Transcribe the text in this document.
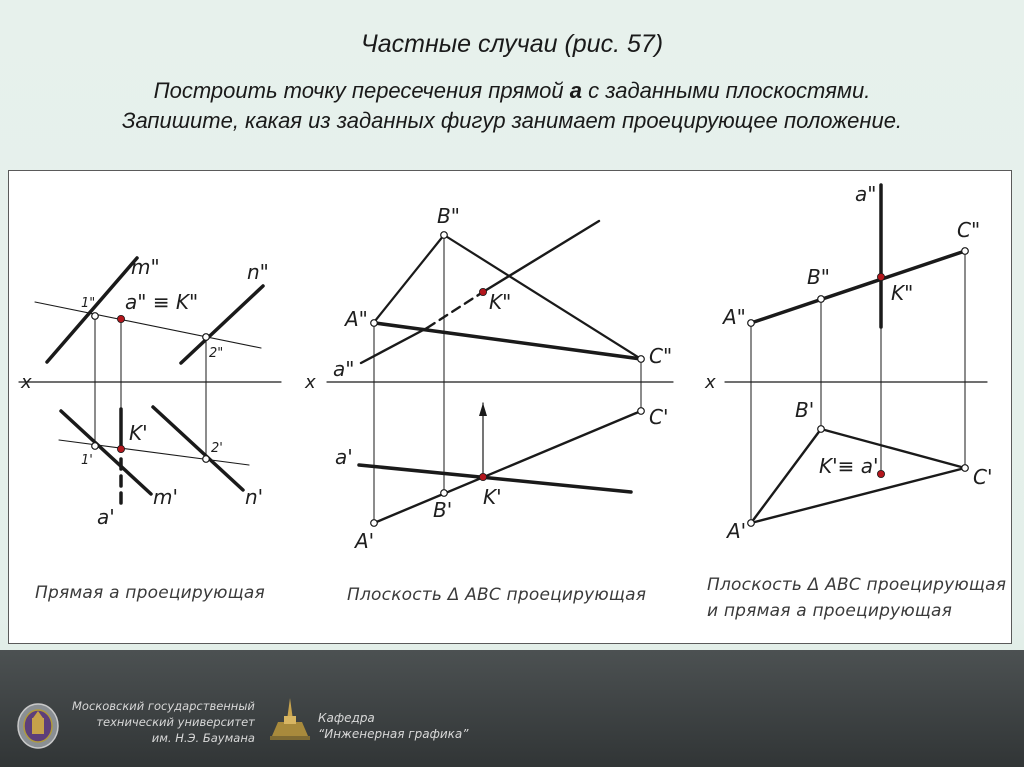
Частные случаи (рис. 57)
Построить точку пересечения прямой а с заданными плоскостями.
Запишите, какая из заданных фигур занимает проецирующее положение.
m"	n"
1" a" ≡ K"
2"
x
1'
K'
2'
a'
m'	n'
B"
A"
K"
a"
C"
x
C'
a'
B'
K'
A'
a"
C"
B"
K"
A"
x
B'
K'≡ a'	C'
A'
Прямая а проецирующая	Плоскость Δ АВС проецирующая	Плоскость Δ АВС проецирующая
и прямая а проецирующая
Московский государственный
технический университет
им. Н.Э. Баумана
Кафедра
“Инженерная графика”
